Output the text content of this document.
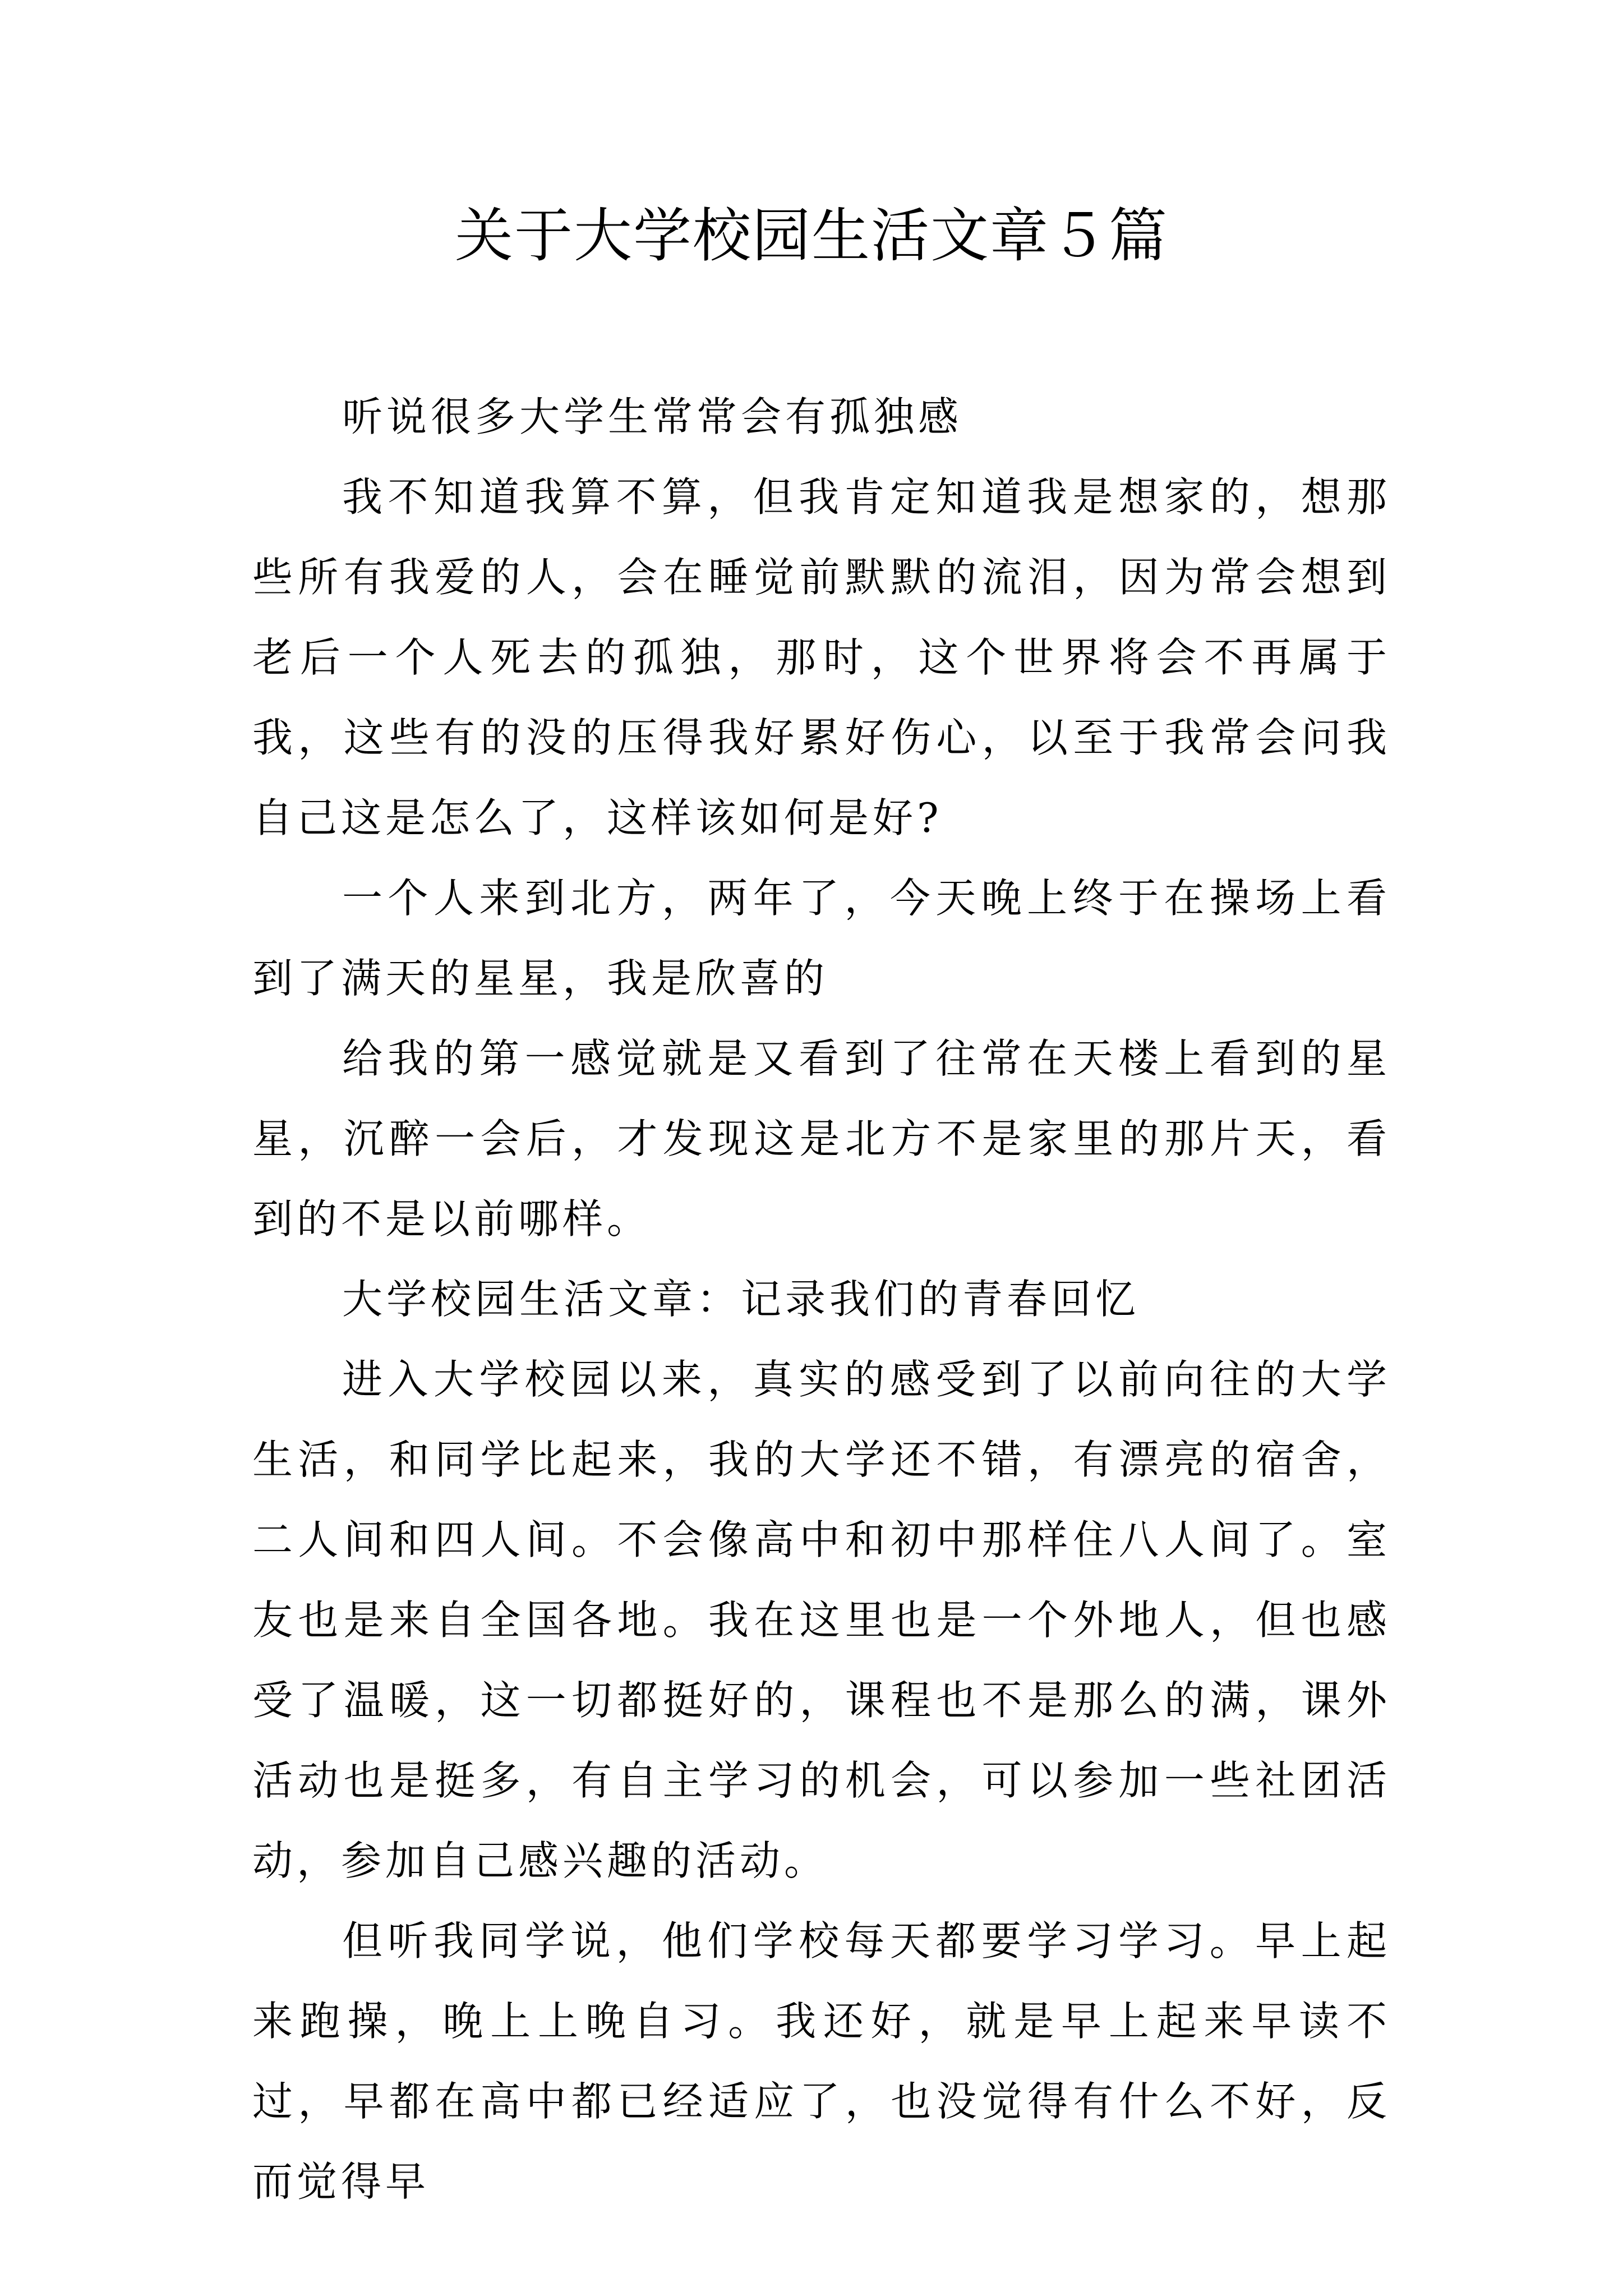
关于大学校园生活文章５篇

听说很多大学生常常会有孤独感

我不知道我算不算，但我肯定知道我是想家的，想那些所有我爱的人，会在睡觉前默默的流泪，因为常会想到老后一个人死去的孤独，那时，这个世界将会不再属于我，这些有的没的压得我好累好伤心，以至于我常会问我自己这是怎么了，这样该如何是好?

一个人来到北方，两年了，今天晚上终于在操场上看到了满天的星星，我是欣喜的

给我的第一感觉就是又看到了往常在天楼上看到的星星，沉醉一会后，才发现这是北方不是家里的那片天，看到的不是以前哪样。

大学校园生活文章：记录我们的青春回忆

进入大学校园以来，真实的感受到了以前向往的大学生活，和同学比起来，我的大学还不错，有漂亮的宿舍，二人间和四人间。不会像高中和初中那样住八人间了。室友也是来自全国各地。我在这里也是一个外地人，但也感受了温暖，这一切都挺好的，课程也不是那么的满，课外活动也是挺多，有自主学习的机会，可以参加一些社团活动，参加自己感兴趣的活动。

但听我同学说，他们学校每天都要学习学习。早上起来跑操，晚上上晚自习。我还好，就是早上起来早读不过，早都在高中都已经适应了，也没觉得有什么不好，反而觉得早
